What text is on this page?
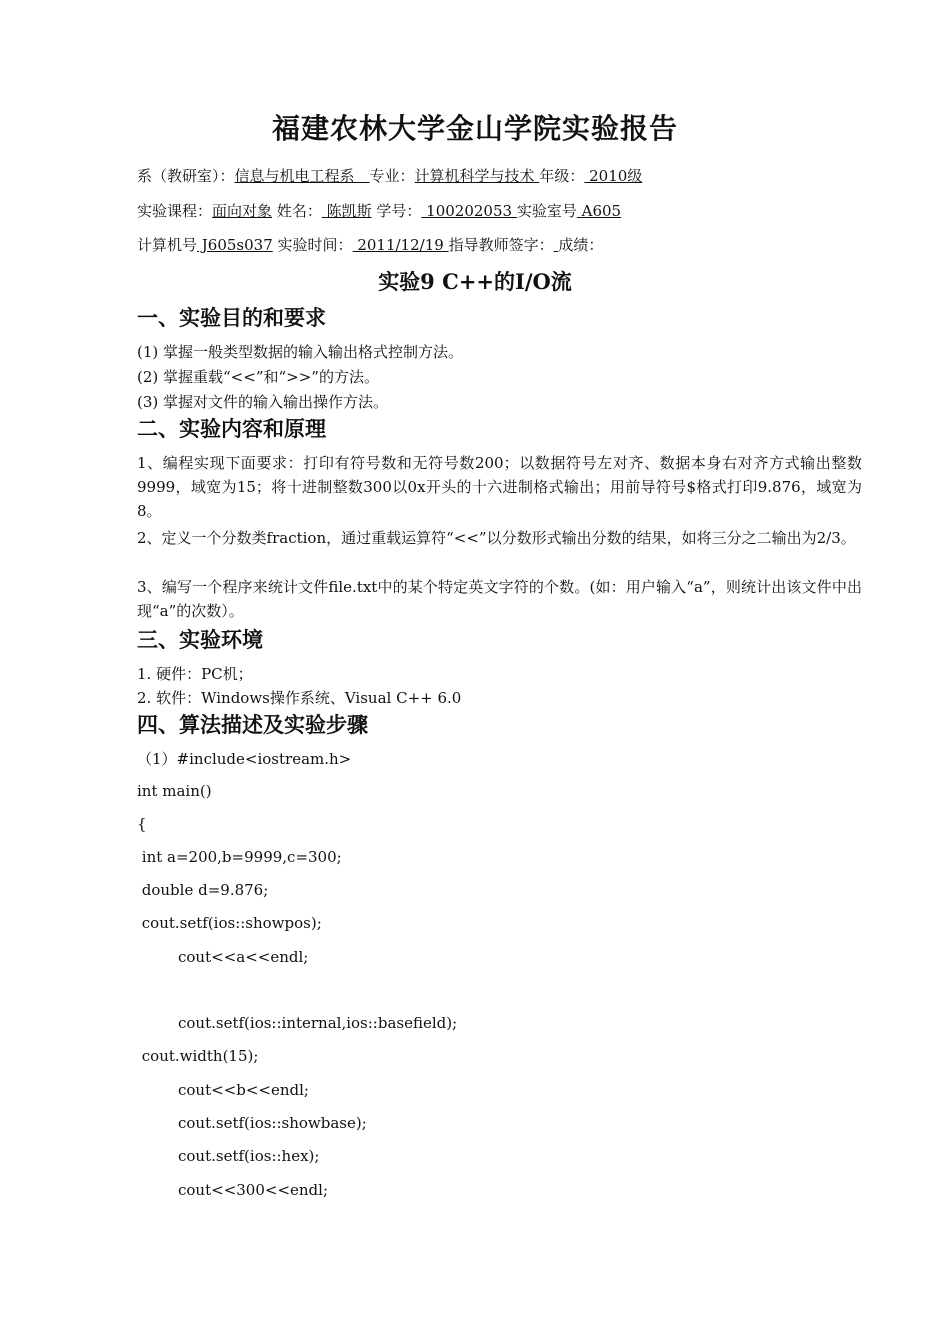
福建农林大学金山学院实验报告
系（教研室）：信息与机电工程系　专业：计算机科学与技术 年级： 2010级
实验课程：面向对象 姓名： 陈凯斯 学号： 100202053 实验室号 A605
计算机号 J605s037 实验时间： 2011/12/19 指导教师签字： 成绩：
实验9 C++的I/O流
一、实验目的和要求
(1) 掌握一般类型数据的输入输出格式控制方法。
(2) 掌握重载“<<”和“>>”的方法。
(3) 掌握对文件的输入输出操作方法。
二、实验内容和原理
1、编程实现下面要求：打印有符号数和无符号数200；以数据符号左对齐、数据本身右对齐方式输出整数9999，域宽为15；将十进制整数300以0x开头的十六进制格式输出；用前导符号$格式打印9.876，域宽为8。
2、定义一个分数类fraction，通过重载运算符“<<”以分数形式输出分数的结果，如将三分之二输出为2/3。
3、编写一个程序来统计文件file.txt中的某个特定英文字符的个数。(如：用户输入“a”，则统计出该文件中出现“a”的次数）。
三、实验环境
1. 硬件：PC机；
2. 软件：Windows操作系统、Visual C++ 6.0
四、算法描述及实验步骤
（1）#include<iostream.h>
int main()
{
int a=200,b=9999,c=300;
double d=9.876;
cout.setf(ios::showpos);
cout<<a<<endl;
cout.setf(ios::internal,ios::basefield);
cout.width(15);
cout<<b<<endl;
cout.setf(ios::showbase);
cout.setf(ios::hex);
cout<<300<<endl;
